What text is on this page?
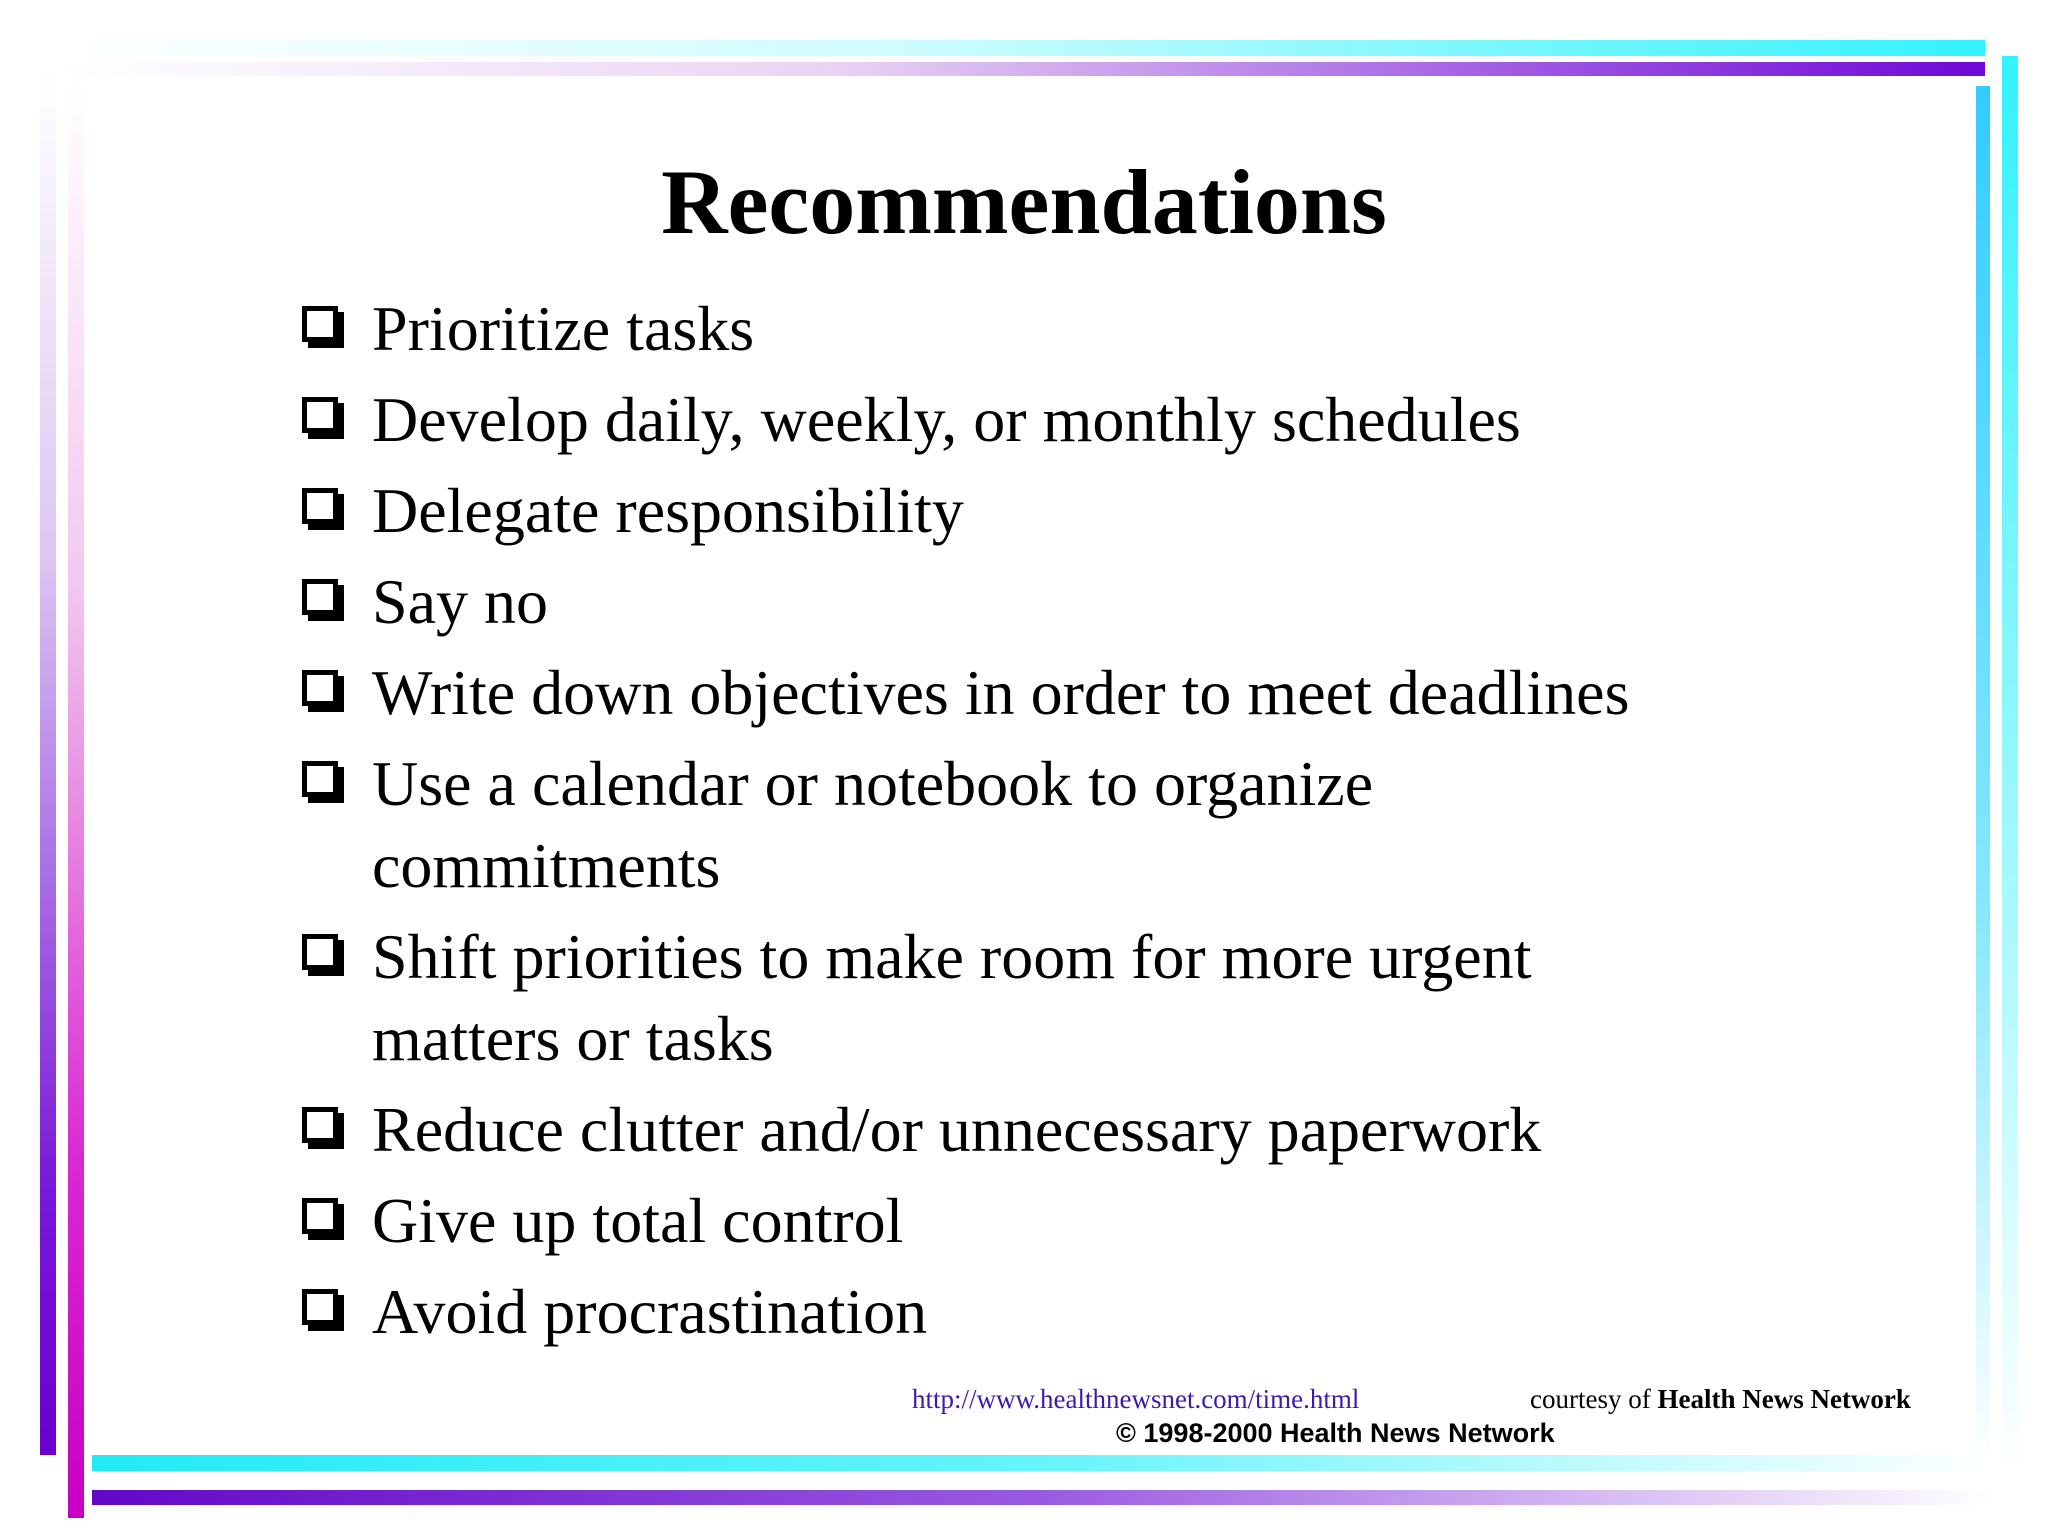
Recommendations
Prioritize tasks
Develop daily, weekly, or monthly schedules
Delegate responsibility
Say no
Write down objectives in order to meet deadlines
Use a calendar or notebook to organize
commitments
Shift priorities to make room for more urgent
matters or tasks
Reduce clutter and/or unnecessary paperwork
Give up total control
Avoid procrastination
http://www.healthnewsnet.com/time.html	courtesy of Health News Network
© 1998-2000 Health News Network
